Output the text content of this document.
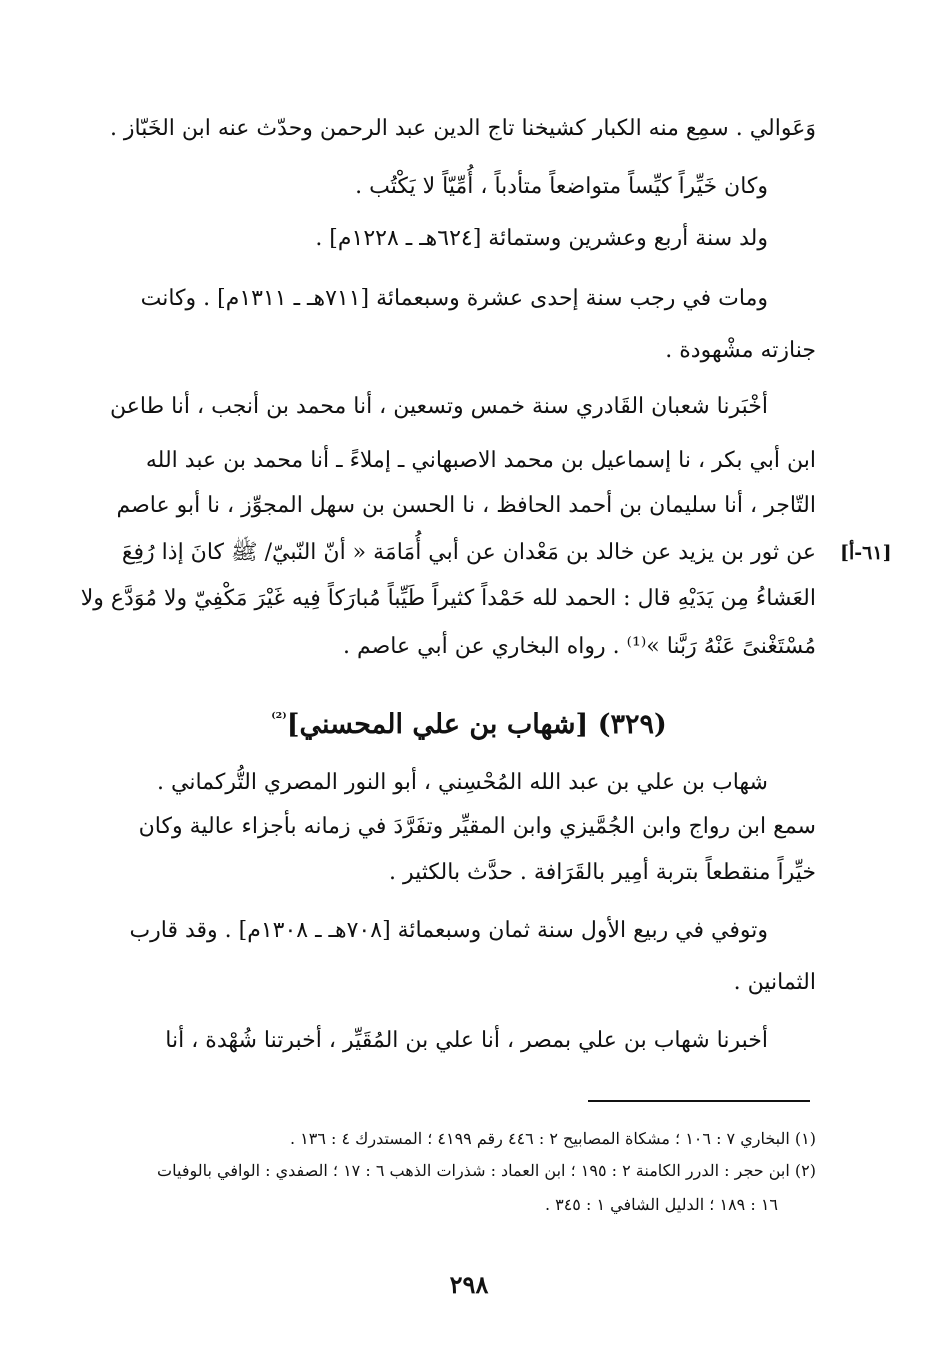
وَعَوالي . سمِع منه الكبار كشيخنا تاج الدين عبد الرحمن وحدّث عنه ابن الخَبّاز .
وكان خَيِّراً كيِّساً متواضعاً متأدباً ، أُمِّيّاً لا يَكْتُب .
ولد سنة أربع وعشرين وستمائة [٦٢٤هـ ـ ١٢٢٨م] .
ومات في رجب سنة إحدى عشرة وسبعمائة [٧١١هـ ـ ١٣١١م] . وكانت
جنازته مشْهودة .
أخْبَرنا شعبان القَادري سنة خمس وتسعين ، أنا محمد بن أنجب ، أنا طاعن
ابن أبي بكر ، نا إسماعيل بن محمد الاصبهاني ـ إملاءً ـ أنا محمد بن عبد الله
التّاجر ، أنا سليمان بن أحمد الحافظ ، نا الحسن بن سهل المجوِّز ، نا أبو عاصم
عن ثور بن يزيد عن خالد بن مَعْدان عن أبي أُمَامَة « أنّ النّبيّ/ ﷺ كانَ إذا رُفِعَ
العَشاءُ مِن يَدَيْهِ قال : الحمد لله حَمْداً كثيراً طَيِّباً مُبارَكاً فِيه غَيْرَ مَكْفِيّ ولا مُوَدَّع ولا
مُسْتَغْنىً عَنْهُ رَبَّنا »⁽¹⁾ . رواه البخاري عن أبي عاصم .
[٦١-أ]
(٣٢٩) [شهاب بن علي المحسني]$^{^{(2)}}$
شهاب بن علي بن عبد الله المُحْسِني ، أبو النور المصري التُّركماني .
سمع ابن رواج وابن الجُمَّيزي وابن المقيِّر وتفَرَّدَ في زمانه بأجزاء عالية وكان
خيِّراً منقطعاً بتربة أمِير بالقَرَافة . حدَّث بالكثير .
وتوفي في ربيع الأول سنة ثمان وسبعمائة [٧٠٨هـ ـ ١٣٠٨م] . وقد قارب
الثمانين .
أخبرنا شهاب بن علي بمصر ، أنا علي بن المُقَيِّر ، أخبرتنا شُهْدة ، أنا
(١) البخاري ٧ : ١٠٦ ؛ مشكاة المصابيح ٢ : ٤٤٦ رقم ٤١٩٩ ؛ المستدرك ٤ : ١٣٦ .
(٢) ابن حجر : الدرر الكامنة ٢ : ١٩٥ ؛ ابن العماد : شذرات الذهب ٦ : ١٧ ؛ الصفدي : الوافي بالوفيات
١٦ : ١٨٩ ؛ الدليل الشافي ١ : ٣٤٥ .
٢٩٨
